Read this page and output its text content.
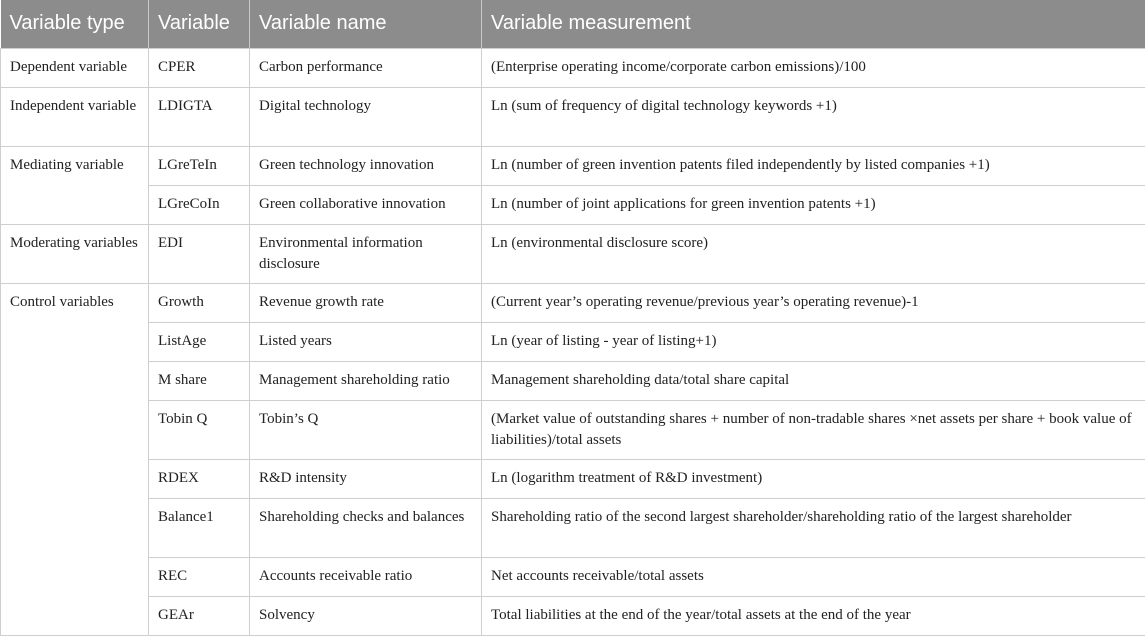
Variable type	Variable	Variable name	Variable measurement
Dependent variable	CPER	Carbon performance	(Enterprise operating income/corporate carbon emissions)/100
Independent variable	LDIGTA	Digital technology	Ln (sum of frequency of digital technology keywords +1)
Mediating variable	LGreTeIn	Green technology innovation	Ln (number of green invention patents filed independently by listed companies +1)
	LGreCoIn	Green collaborative innovation	Ln (number of joint applications for green invention patents +1)
Moderating variables	EDI	Environmental information disclosure	Ln (environmental disclosure score)
Control variables	Growth	Revenue growth rate	(Current year’s operating revenue/previous year’s operating revenue)-1
	ListAge	Listed years	Ln (year of listing - year of listing+1)
	M share	Management shareholding ratio	Management shareholding data/total share capital
	Tobin Q	Tobin’s Q	(Market value of outstanding shares + number of non-tradable shares ×net assets per share + book value of liabilities)/total assets
	RDEX	R&D intensity	Ln (logarithm treatment of R&D investment)
	Balance1	Shareholding checks and balances	Shareholding ratio of the second largest shareholder/shareholding ratio of the largest shareholder
	REC	Accounts receivable ratio	Net accounts receivable/total assets
	GEAr	Solvency	Total liabilities at the end of the year/total assets at the end of the year
